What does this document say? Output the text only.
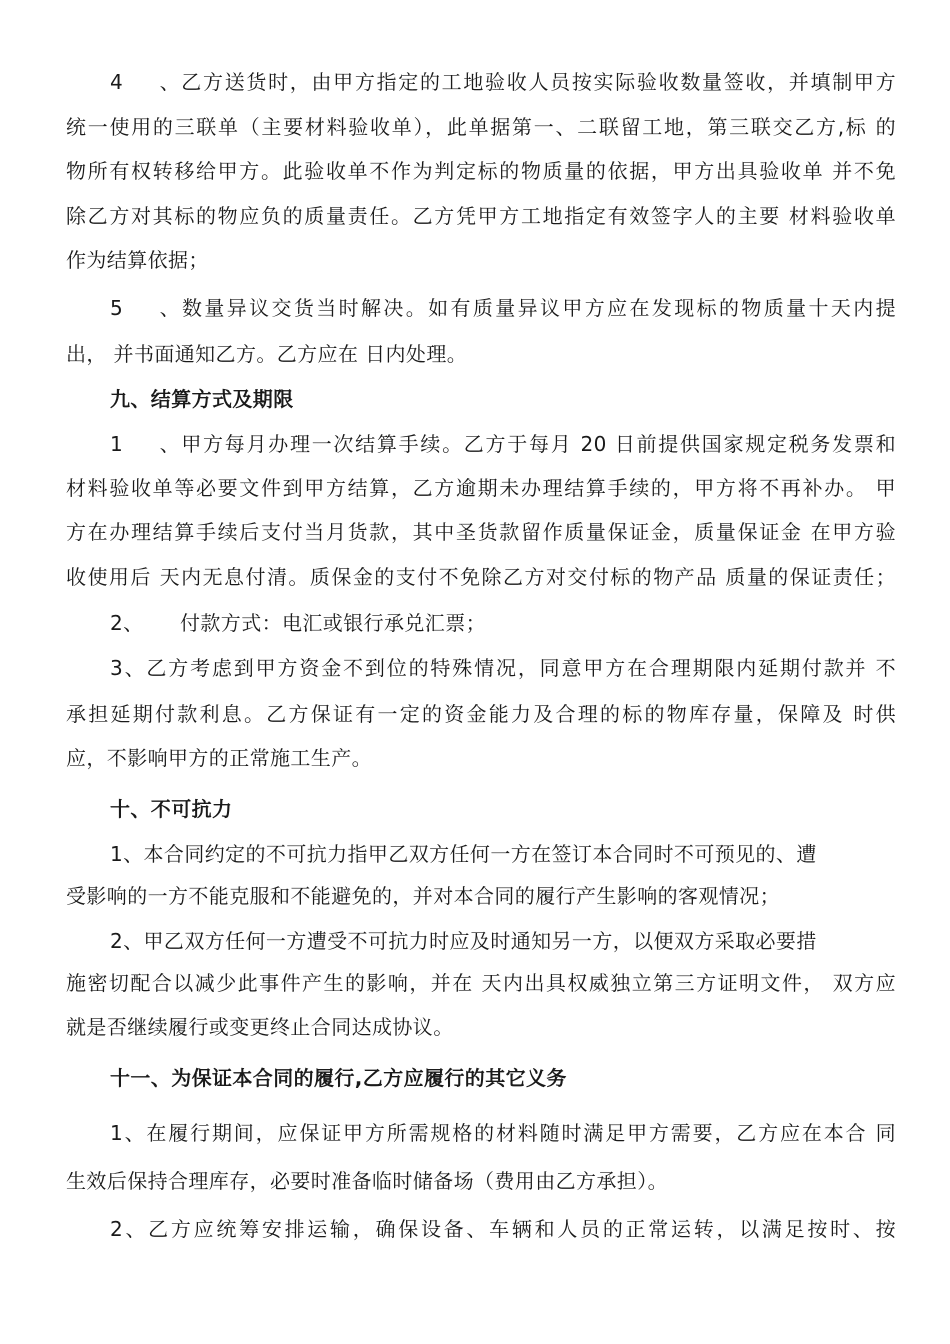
4、乙方送货时，由甲方指定的工地验收人员按实际验收数量签收，并填制甲方
统一使用的三联单（主要材料验收单），此单据第一、二联留工地，第三联交乙方,标 的
物所有权转移给甲方。此验收单不作为判定标的物质量的依据，甲方出具验收单 并不免
除乙方对其标的物应负的质量责任。乙方凭甲方工地指定有效签字人的主要 材料验收单
作为结算依据；
5、数量异议交货当时解决。如有质量异议甲方应在发现标的物质量十天内提
出， 并书面通知乙方。乙方应在 日内处理。
九、结算方式及期限
1、甲方每月办理一次结算手续。乙方于每月 20 日前提供国家规定税务发票和
材料验收单等必要文件到甲方结算，乙方逾期未办理结算手续的，甲方将不再补办。 甲
方在办理结算手续后支付当月货款，其中圣货款留作质量保证金，质量保证金 在甲方验
收使用后 天内无息付清。质保金的支付不免除乙方对交付标的物产品 质量的保证责任；
2、 付款方式：电汇或银行承兑汇票；
3、乙方考虑到甲方资金不到位的特殊情况，同意甲方在合理期限内延期付款并 不
承担延期付款利息。乙方保证有一定的资金能力及合理的标的物库存量，保障及 时供
应，不影响甲方的正常施工生产。
十、不可抗力
1、本合同约定的不可抗力指甲乙双方任何一方在签订本合同时不可预见的、遭
受影响的一方不能克服和不能避免的，并对本合同的履行产生影响的客观情况；
2、甲乙双方任何一方遭受不可抗力时应及时通知另一方，以便双方采取必要措
施密切配合以减少此事件产生的影响，并在 天内出具权威独立第三方证明文件， 双方应
就是否继续履行或变更终止合同达成协议。
十一、为保证本合同的履行,乙方应履行的其它义务
1、在履行期间，应保证甲方所需规格的材料随时满足甲方需要，乙方应在本合 同
生效后保持合理库存，必要时准备临时储备场（费用由乙方承担）。
2、乙方应统筹安排运输，确保设备、车辆和人员的正常运转，以满足按时、按
